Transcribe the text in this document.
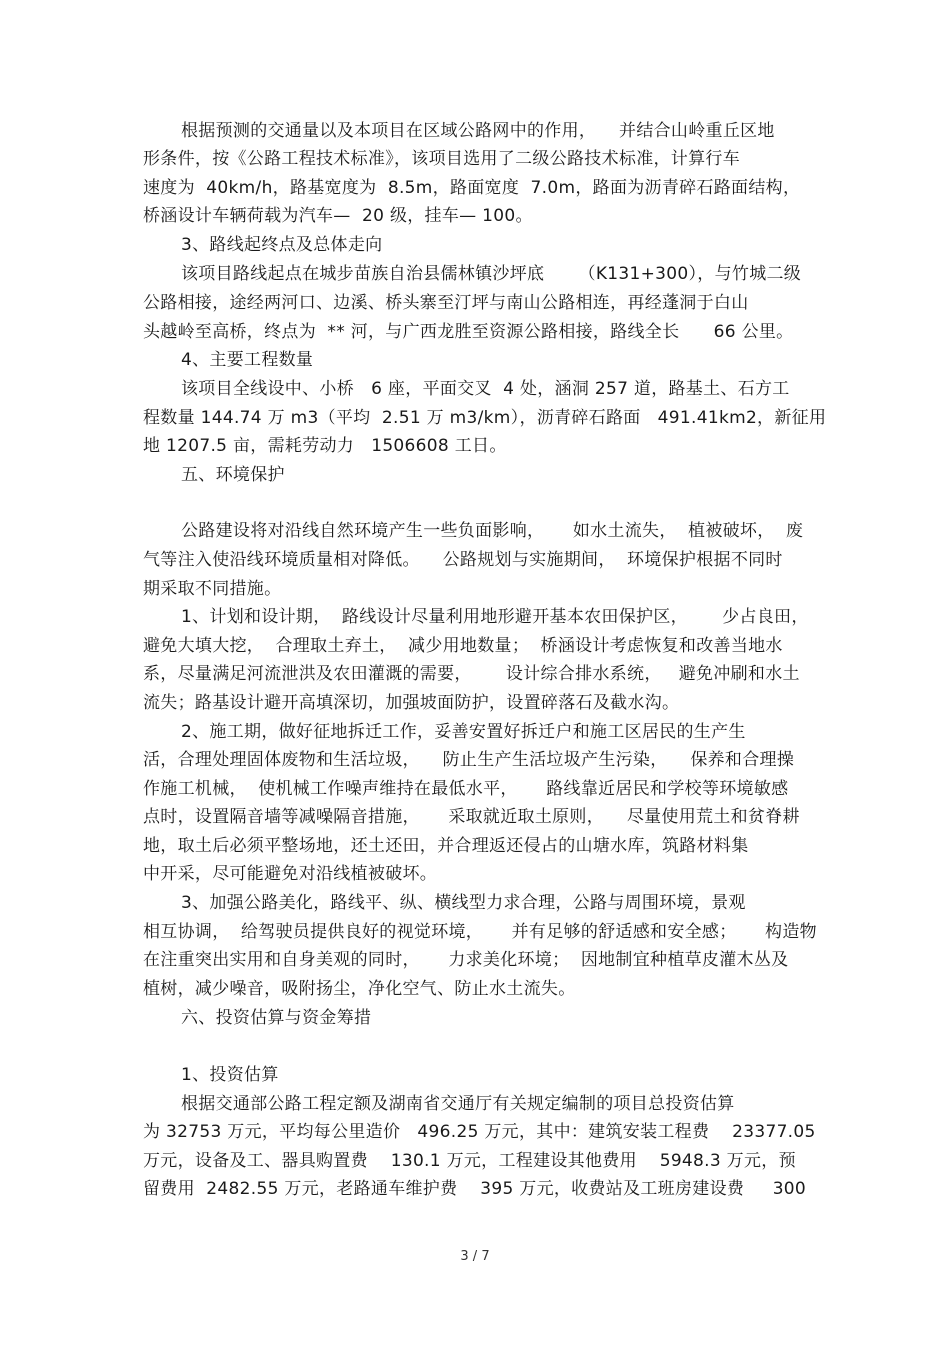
根据预测的交通量以及本项目在区域公路网中的作用，    并结合山岭重丘区地
形条件，按《公路工程技术标准》，该项目选用了二级公路技术标准，计算行车
速度为  40km/h，路基宽度为  8.5m，路面宽度  7.0m，路面为沥青碎石路面结构，
桥涵设计车辆荷载为汽车—  20 级，挂车— 100。
3、路线起终点及总体走向
该项目路线起点在城步苗族自治县儒林镇沙坪底      （K131+300），与竹城二级
公路相接，途经两河口、边溪、桥头寨至汀坪与南山公路相连，再经蓬洞于白山
头越岭至高桥，终点为  ** 河，与广西龙胜至资源公路相接，路线全长      66 公里。
4、主要工程数量
该项目全线设中、小桥   6 座，平面交叉  4 处，涵洞 257 道，路基土、石方工
程数量 144.74 万 m3（平均  2.51 万 m3/km），沥青碎石路面   491.41km2，新征用
地 1207.5 亩，需耗劳动力   1506608 工日。
五、环境保护
公路建设将对沿线自然环境产生一些负面影响，     如水土流失，  植被破坏，  废
气等注入使沿线环境质量相对降低。    公路规划与实施期间，  环境保护根据不同时
期采取不同措施。
1、计划和设计期，  路线设计尽量利用地形避开基本农田保护区，      少占良田，
避免大填大挖，  合理取土弃土，  减少用地数量；  桥涵设计考虑恢复和改善当地水
系，尽量满足河流泄洪及农田灌溉的需要，      设计综合排水系统，   避免冲刷和水土
流失；路基设计避开高填深切，加强坡面防护，设置碎落石及截水沟。
2、施工期，做好征地拆迁工作，妥善安置好拆迁户和施工区居民的生产生
活，合理处理固体废物和生活垃圾，    防止生产生活垃圾产生污染，    保养和合理操
作施工机械，  使机械工作噪声维持在最低水平，     路线靠近居民和学校等环境敏感
点时，设置隔音墙等减噪隔音措施，     采取就近取土原则，    尽量使用荒土和贫脊耕
地，取土后必须平整场地，还土还田，并合理返还侵占的山塘水库，筑路材料集
中开采，尽可能避免对沿线植被破坏。
3、加强公路美化，路线平、纵、横线型力求合理，公路与周围环境，景观
相互协调，  给驾驶员提供良好的视觉环境，     并有足够的舒适感和安全感；     构造物
在注重突出实用和自身美观的同时，     力求美化环境；  因地制宜种植草皮灌木丛及
植树，减少噪音，吸附扬尘，净化空气、防止水土流失。
六、投资估算与资金筹措
1、投资估算
根据交通部公路工程定额及湖南省交通厅有关规定编制的项目总投资估算
为 32753 万元，平均每公里造价   496.25 万元，其中：建筑安装工程费    23377.05
万元，设备及工、器具购置费    130.1 万元，工程建设其他费用    5948.3 万元，预
留费用  2482.55 万元，老路通车维护费    395 万元，收费站及工班房建设费     300
3 / 7
